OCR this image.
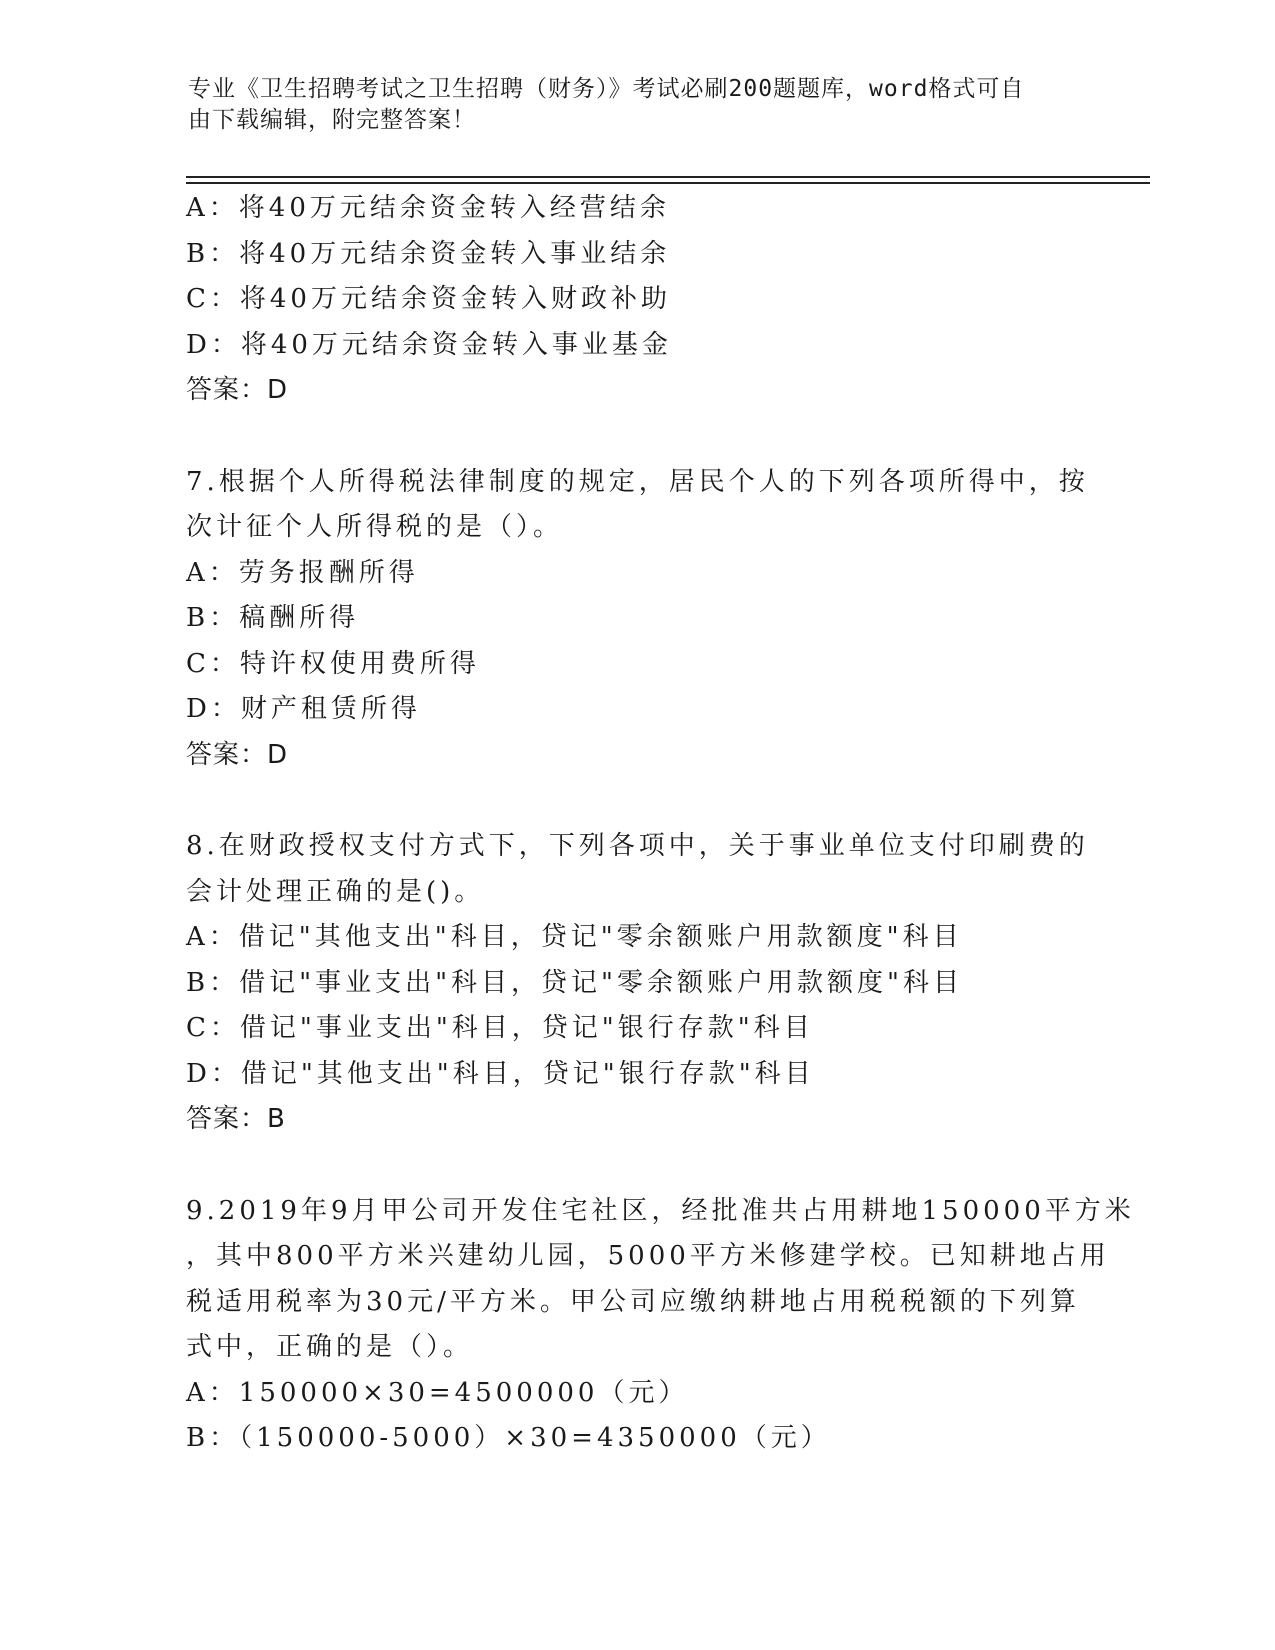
专业《卫生招聘考试之卫生招聘（财务）》考试必刷200题题库，word格式可自
由下载编辑，附完整答案！
A：将40万元结余资金转入经营结余
B：将40万元结余资金转入事业结余
C：将40万元结余资金转入财政补助
D：将40万元结余资金转入事业基金
答案：D
7.根据个人所得税法律制度的规定，居民个人的下列各项所得中，按
次计征个人所得税的是（）。
A：劳务报酬所得
B：稿酬所得
C：特许权使用费所得
D：财产租赁所得
答案：D
8.在财政授权支付方式下，下列各项中，关于事业单位支付印刷费的
会计处理正确的是()。
A：借记"其他支出"科目，贷记"零余额账户用款额度"科目
B：借记"事业支出"科目，贷记"零余额账户用款额度"科目
C：借记"事业支出"科目，贷记"银行存款"科目
D：借记"其他支出"科目，贷记"银行存款"科目
答案：B
9.2019年9月甲公司开发住宅社区，经批准共占用耕地150000平方米
，其中800平方米兴建幼儿园，5000平方米修建学校。已知耕地占用
税适用税率为30元/平方米。甲公司应缴纳耕地占用税税额的下列算
式中，正确的是（）。
A：150000×30=4500000（元）
B：（150000-5000）×30=4350000（元）
